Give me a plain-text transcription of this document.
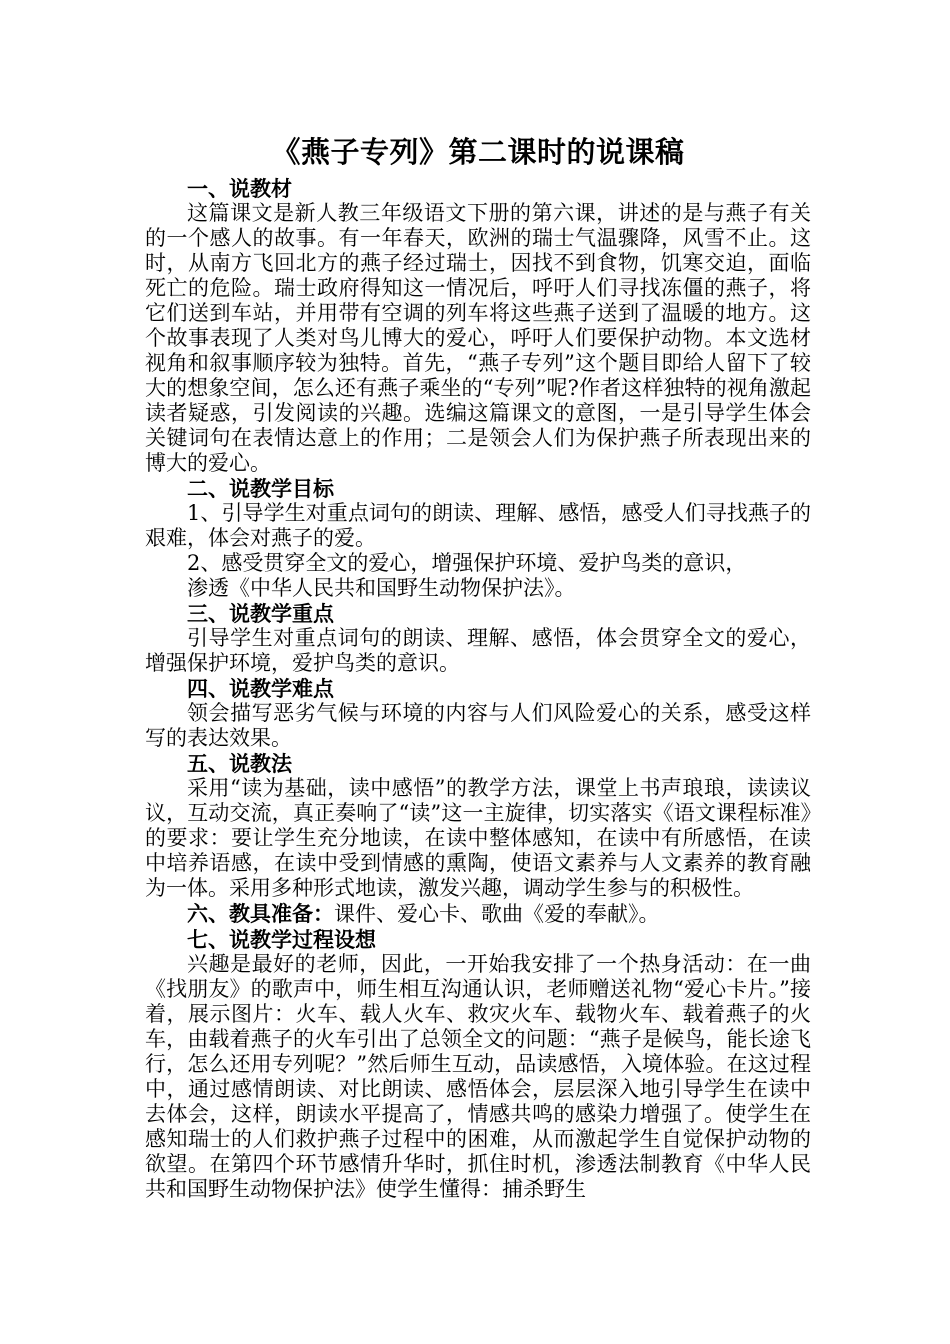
《燕子专列》第二课时的说课稿
一、说教材

这篇课文是新人教三年级语文下册的第六课，讲述的是与燕子有关的一个感人的故事。有一年春天，欧洲的瑞士气温骤降，风雪不止。这时，从南方飞回北方的燕子经过瑞士，因找不到食物，饥寒交迫，面临死亡的危险。瑞士政府得知这一情况后，呼吁人们寻找冻僵的燕子，将它们送到车站，并用带有空调的列车将这些燕子送到了温暖的地方。这个故事表现了人类对鸟儿博大的爱心，呼吁人们要保护动物。本文选材视角和叙事顺序较为独特。首先，“燕子专列”这个题目即给人留下了较大的想象空间，怎么还有燕子乘坐的“专列”呢?作者这样独特的视角激起读者疑惑，引发阅读的兴趣。选编这篇课文的意图，一是引导学生体会关键词句在表情达意上的作用；二是领会人们为保护燕子所表现出来的博大的爱心。

二、说教学目标

1、引导学生对重点词句的朗读、理解、感悟，感受人们寻找燕子的艰难，体会对燕子的爱。

2、感受贯穿全文的爱心，增强保护环境、爱护鸟类的意识，

渗透《中华人民共和国野生动物保护法》。

三、说教学重点

引导学生对重点词句的朗读、理解、感悟，体会贯穿全文的爱心，增强保护环境，爱护鸟类的意识。

四、说教学难点

领会描写恶劣气候与环境的内容与人们风险爱心的关系，感受这样写的表达效果。

五、说教法

采用“读为基础，读中感悟”的教学方法，课堂上书声琅琅，读读议议，互动交流，真正奏响了“读”这一主旋律，切实落实《语文课程标准》的要求：要让学生充分地读，在读中整体感知，在读中有所感悟，在读中培养语感，在读中受到情感的熏陶，使语文素养与人文素养的教育融为一体。采用多种形式地读，激发兴趣，调动学生参与的积极性。

六、教具准备：课件、爱心卡、歌曲《爱的奉献》。

七、说教学过程设想

兴趣是最好的老师，因此，一开始我安排了一个热身活动：在一曲《找朋友》的歌声中，师生相互沟通认识，老师赠送礼物“爱心卡片。”接着，展示图片：火车、载人火车、救灾火车、载物火车、载着燕子的火车，由载着燕子的火车引出了总领全文的问题：“燕子是候鸟，能长途飞行，怎么还用专列呢？”然后师生互动，品读感悟，入境体验。在这过程中，通过感情朗读、对比朗读、感悟体会，层层深入地引导学生在读中去体会，这样，朗读水平提高了，情感共鸣的感染力增强了。使学生在感知瑞士的人们救护燕子过程中的困难，从而激起学生自觉保护动物的欲望。在第四个环节感情升华时，抓住时机，渗透法制教育《中华人民共和国野生动物保护法》使学生懂得：捕杀野生
